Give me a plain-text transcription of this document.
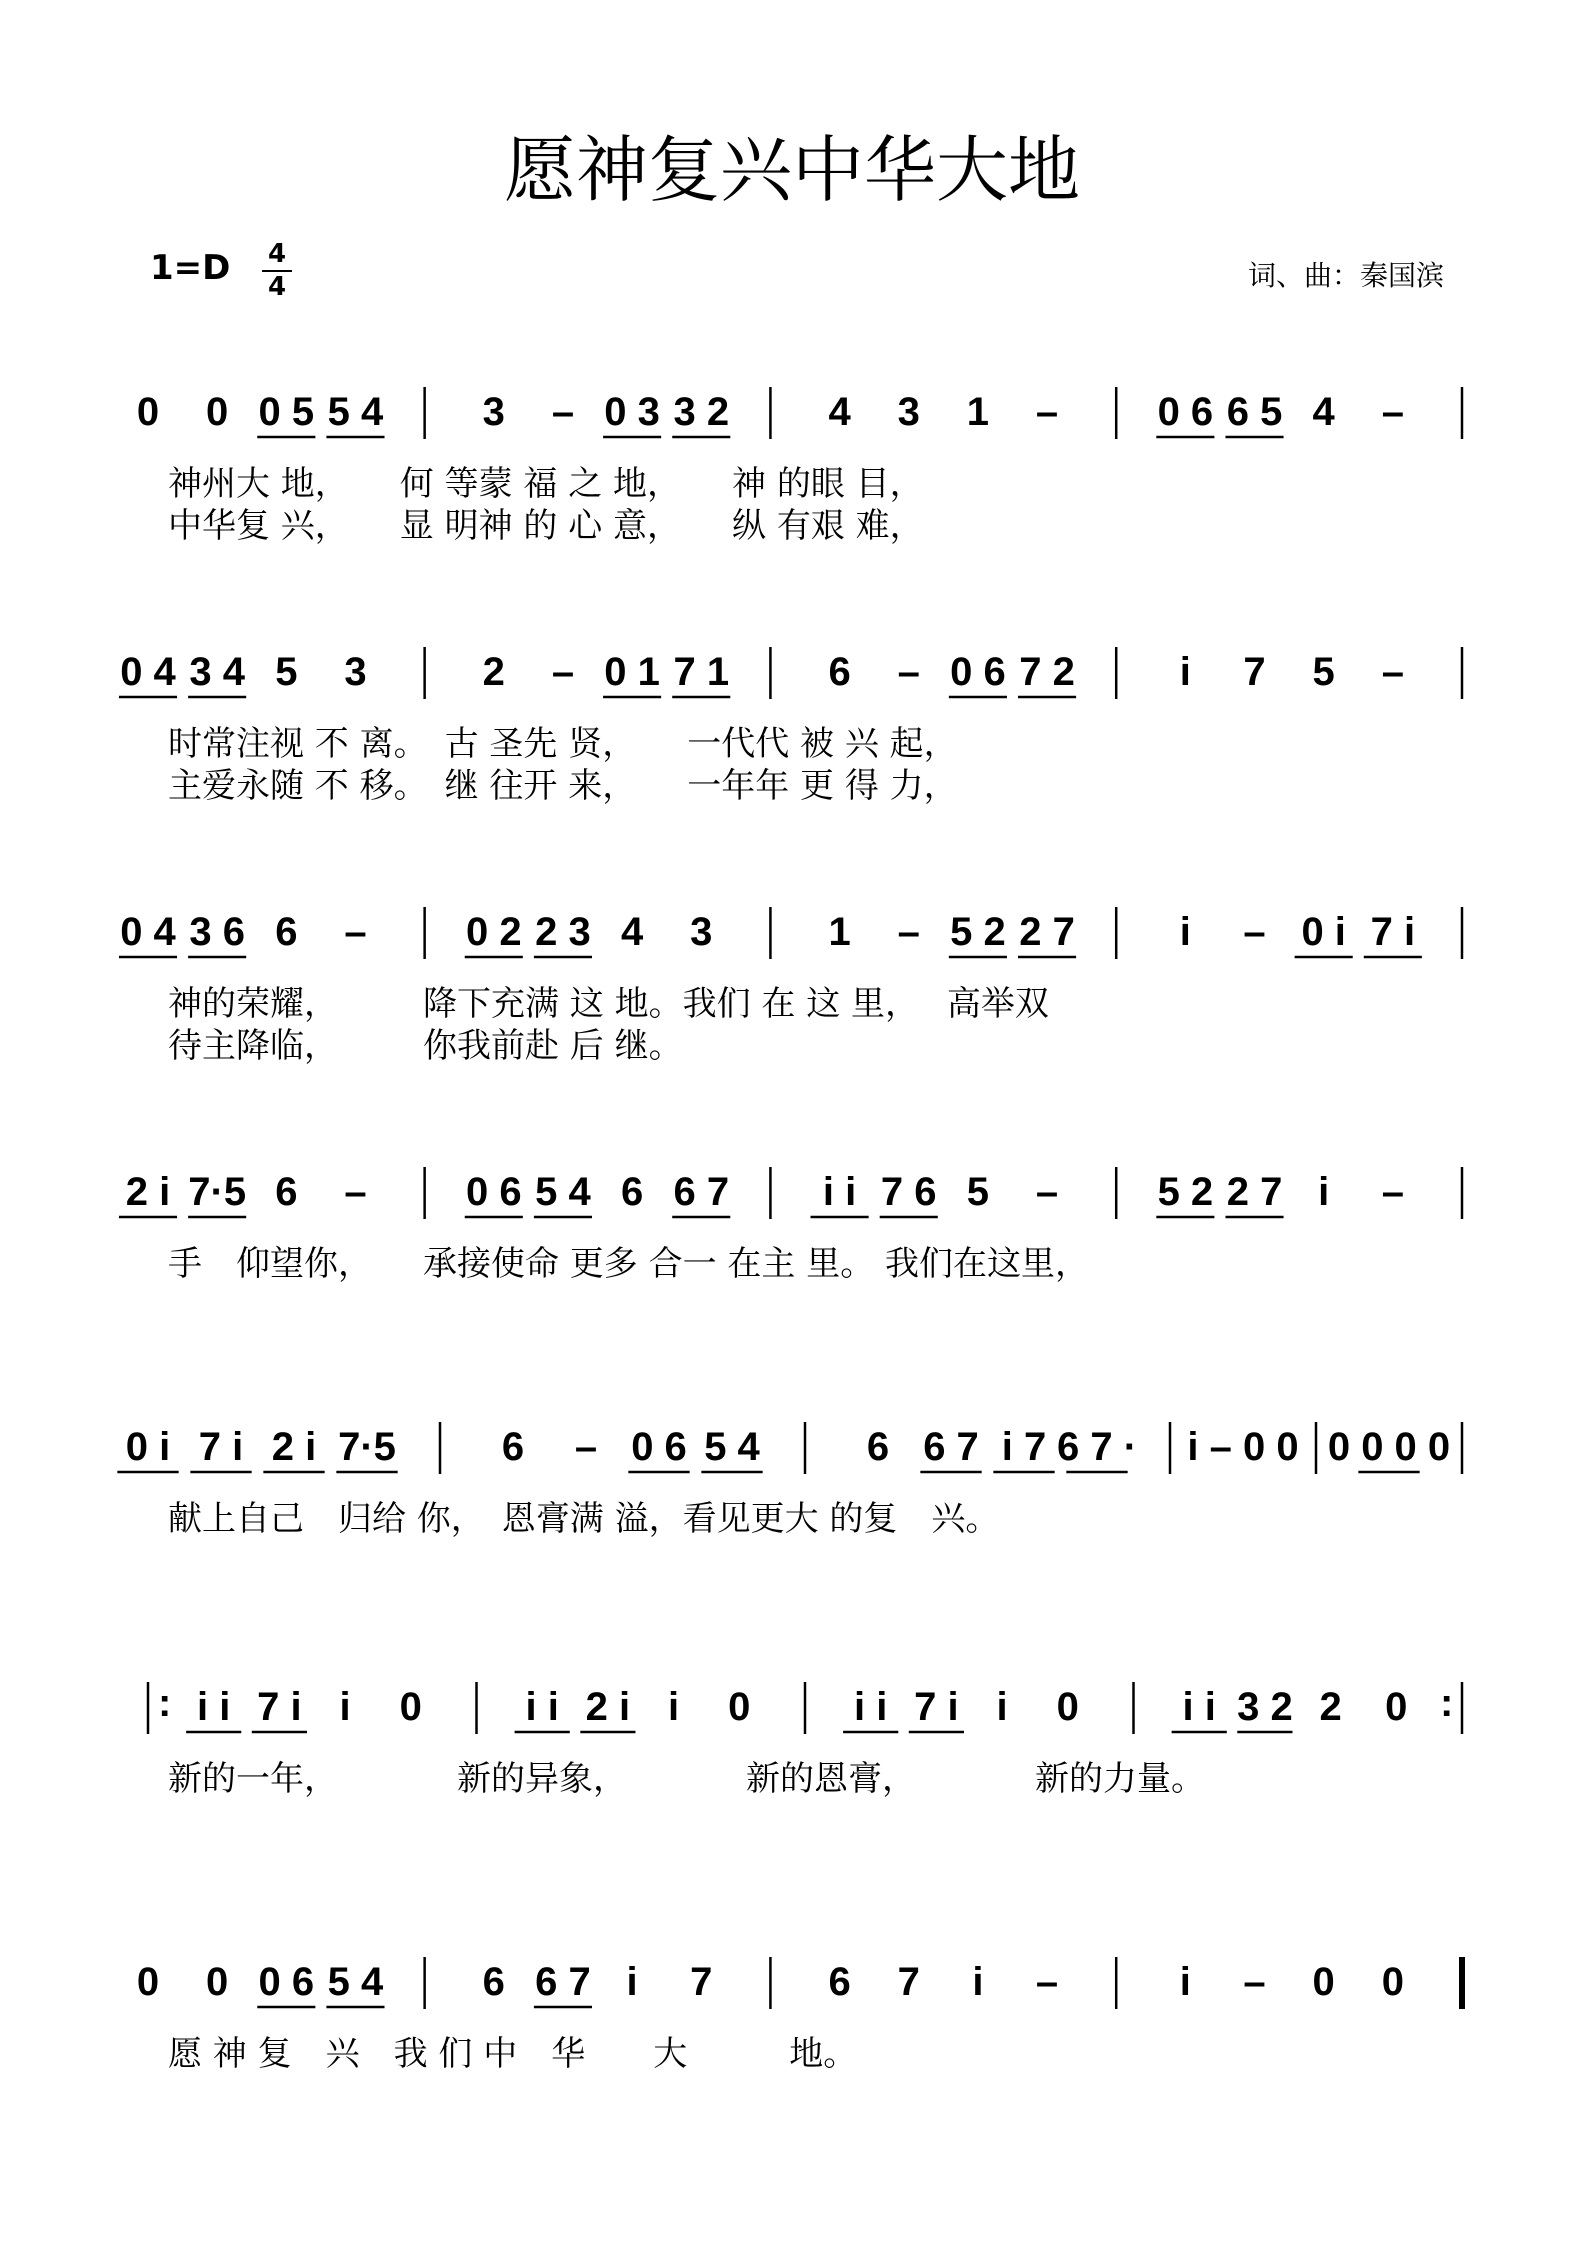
愿神复兴中华大地
1=D 4
4	词、曲：秦国滨
0 0 0 5 5 4 3 – 0 3 3 2 4 3 1 – 0 6 6 5 4 –
神州大 地，　　何 等蒙 福 之 地，　　神 的眼 目，
中华复 兴，　　显 明神 的 心 意，　　纵 有艰 难，
0 4 3 4 5 3	2 – 0 1 7 1 6 – 0 6 7 2	i 7 5 –
时常注视 不 离。　古 圣先 贤，　　一代代 被 兴 起，
主爱永随 不 移。　继 往开 来，　　一年年 更 得 力，
0 4 3 6 6 – 0 2 2 3 4 3	1 – 5 2 2 7	i – 0 i 7 i
神的荣耀，　　　降下充满 这 地。我们 在 这 里，　 高举双
待主降临，　　　你我前赴 后 继。
2 i 7·5 6 – 0 6 5 4 6 6 7 i i 7 6 5 – 5 2 2 7 i –
手　仰望你，　　承接使命 更多 合一 在主 里。 我们在这里，
0 i 7 i 2 i 7·5	6 – 0 6 5 4	6 6 7 i 7 6 7 · i – 0 0 0 0 0 0
献上自己　归给 你，　恩膏满 溢，看见更大 的复　兴。
: i i 7 i i 0	i i 2 i i 0	i i 7 i i 0	i i 3 2 2 0 :
新的一年，　　　　新的异象，　　　　新的恩膏，　　　　新的力量。
0 0 0 6 5 4 6 6 7 i 7	6 7 i –	i – 0 0
愿 神 复　兴　我 们 中　华　　大　　　地。
